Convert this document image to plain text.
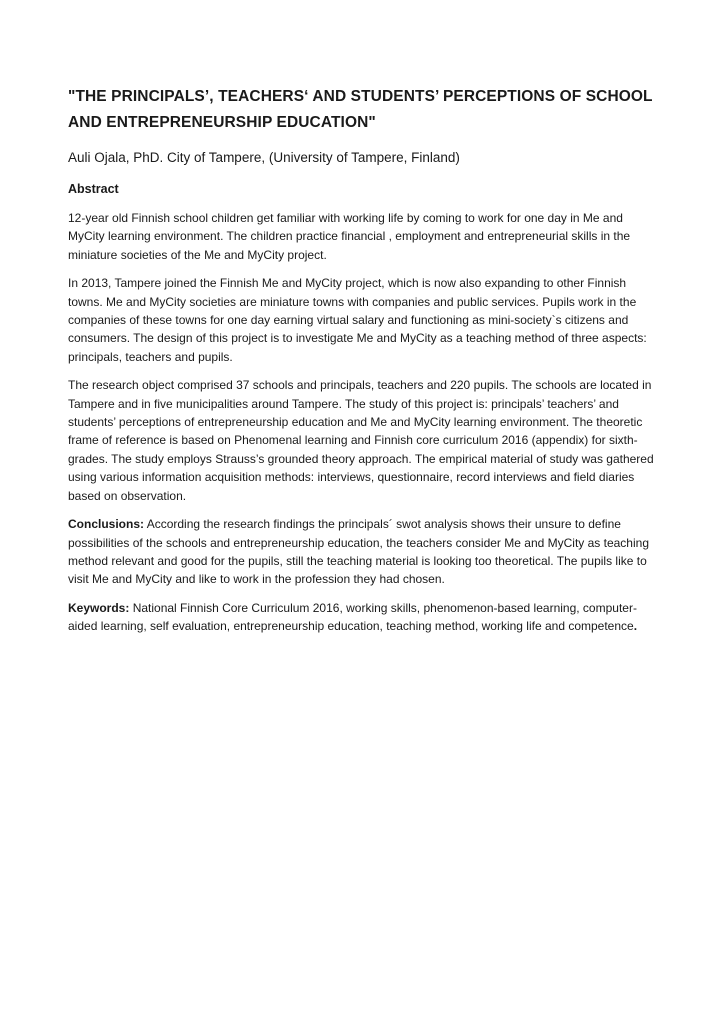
"THE PRINCIPALS’, TEACHERS‘ AND STUDENTS’ PERCEPTIONS OF SCHOOL AND ENTREPRENEURSHIP EDUCATION"
Auli Ojala, PhD. City of Tampere, (University of Tampere, Finland)
Abstract

12-year old Finnish school children get familiar with working life by coming to work for one day in Me and MyCity learning environment. The children practice financial , employment and entrepreneurial skills in the miniature societies of the Me and MyCity project.

In 2013, Tampere joined the Finnish Me and MyCity project, which is now also expanding to other Finnish towns. Me and MyCity societies are miniature towns with companies and public services. Pupils work in the companies of these towns for one day earning virtual salary and functioning as mini-society`s citizens and consumers. The design of this project is to investigate Me and MyCity as a teaching method of three aspects: principals, teachers and pupils.

The research object comprised 37 schools and principals, teachers and 220 pupils. The schools are located in Tampere and in five municipalities around Tampere. The study of this project is: principals’ teachers’ and students’ perceptions of entrepreneurship education and Me and MyCity learning environment. The theoretic frame of reference is based on Phenomenal learning and Finnish core curriculum 2016 (appendix) for sixth-grades. The study employs Strauss’s grounded theory approach. The empirical material of study was gathered using various information acquisition methods: interviews, questionnaire, record interviews and field diaries based on observation.

Conclusions: According the research findings the principals´ swot analysis shows their unsure to define possibilities of the schools and entrepreneurship education, the teachers consider Me and MyCity as teaching method relevant and good for the pupils, still the teaching material is looking too theoretical. The pupils like to visit Me and MyCity and like to work in the profession they had chosen.

Keywords: National Finnish Core Curriculum 2016, working skills, phenomenon-based learning, computer-aided learning, self evaluation, entrepreneurship education, teaching method, working life and competence.
